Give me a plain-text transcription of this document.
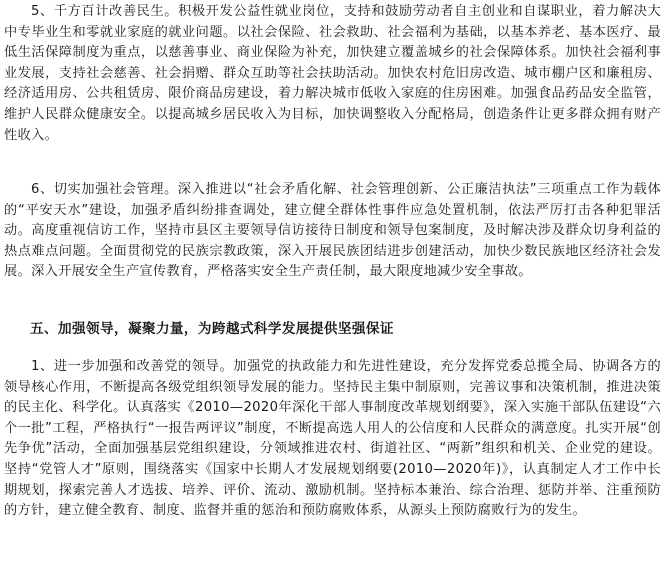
5、千方百计改善民生。积极开发公益性就业岗位，支持和鼓励劳动者自主创业和自谋职业，着力解决大中专毕业生和零就业家庭的就业问题。以社会保险、社会救助、社会福利为基础，以基本养老、基本医疗、最低生活保障制度为重点，以慈善事业、商业保险为补充，加快建立覆盖城乡的社会保障体系。加快社会福利事业发展，支持社会慈善、社会捐赠、群众互助等社会扶助活动。加快农村危旧房改造、城市棚户区和廉租房、经济适用房、公共租赁房、限价商品房建设，着力解决城市低收入家庭的住房困难。加强食品药品安全监管，维护人民群众健康安全。以提高城乡居民收入为目标，加快调整收入分配格局，创造条件让更多群众拥有财产性收入。

6、切实加强社会管理。深入推进以“社会矛盾化解、社会管理创新、公正廉洁执法”三项重点工作为载体的“平安天水”建设，加强矛盾纠纷排查调处，建立健全群体性事件应急处置机制，依法严厉打击各种犯罪活动。高度重视信访工作，坚持市县区主要领导信访接待日制度和领导包案制度，及时解决涉及群众切身利益的热点难点问题。全面贯彻党的民族宗教政策，深入开展民族团结进步创建活动，加快少数民族地区经济社会发展。深入开展安全生产宣传教育，严格落实安全生产责任制，最大限度地减少安全事故。

五、加强领导，凝聚力量，为跨越式科学发展提供坚强保证

1、进一步加强和改善党的领导。加强党的执政能力和先进性建设，充分发挥党委总揽全局、协调各方的领导核心作用，不断提高各级党组织领导发展的能力。坚持民主集中制原则，完善议事和决策机制，推进决策的民主化、科学化。认真落实《2010—2020年深化干部人事制度改革规划纲要》，深入实施干部队伍建设“六个一批”工程，严格执行“一报告两评议”制度，不断提高选人用人的公信度和人民群众的满意度。扎实开展“创先争优”活动，全面加强基层党组织建设，分领域推进农村、街道社区、“两新”组织和机关、企业党的建设。坚持“党管人才”原则，围绕落实《国家中长期人才发展规划纲要(2010—2020年)》，认真制定人才工作中长期规划，探索完善人才选拔、培养、评价、流动、激励机制。坚持标本兼治、综合治理、惩防并举、注重预防的方针，建立健全教育、制度、监督并重的惩治和预防腐败体系，从源头上预防腐败行为的发生。
